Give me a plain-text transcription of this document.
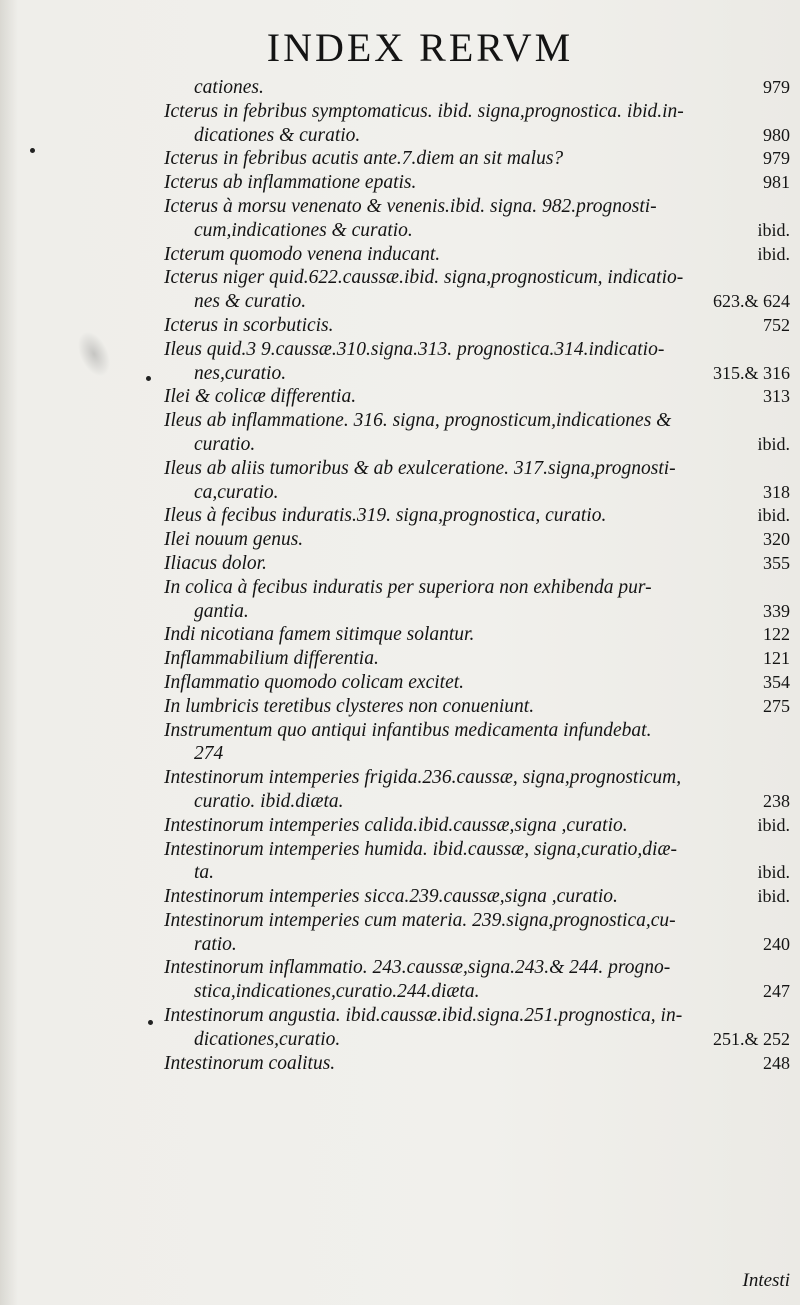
INDEX RERVM
cationes.	979
Icterus in febribus symptomaticus. ibid. signa,prognostica. ibid.in-
dicationes & curatio.	980
Icterus in febribus acutis ante.7.diem an sit malus?	979
Icterus ab inflammatione epatis.	981
Icterus à morsu venenato & venenis.ibid. signa. 982.prognosti-
cum,indicationes & curatio.	ibid.
Icterum quomodo venena inducant.	ibid.
Icterus niger quid.622.caussæ.ibid. signa,prognosticum, indicatio-
nes & curatio.	623.& 624
Icterus in scorbuticis.	752
Ileus quid.3 9.caussæ.310.signa.313. prognostica.314.indicatio-
nes,curatio.	315.& 316
Ilei & colicæ differentia.	313
Ileus ab inflammatione. 316. signa, prognosticum,indicationes &
curatio.	ibid.
Ileus ab aliis tumoribus & ab exulceratione. 317.signa,prognosti-
ca,curatio.	318
Ileus à fecibus induratis.319. signa,prognostica, curatio.	ibid.
Ilei nouum genus.	320
Iliacus dolor.	355
In colica à fecibus induratis per superiora non exhibenda pur-
gantia.	339
Indi nicotiana famem sitimque solantur.	122
Inflammabilium differentia.	121
Inflammatio quomodo colicam excitet.	354
In lumbricis teretibus clysteres non conueniunt.	275
Instrumentum quo antiqui infantibus medicamenta infundebat.
274
Intestinorum intemperies frigida.236.caussæ, signa,prognosticum,
curatio. ibid.diæta.	238
Intestinorum intemperies calida.ibid.caussæ,signa ,curatio.	ibid.
Intestinorum intemperies humida. ibid.caussæ, signa,curatio,diæ-
ta.	ibid.
Intestinorum intemperies sicca.239.caussæ,signa ,curatio.	ibid.
Intestinorum intemperies cum materia. 239.signa,prognostica,cu-
ratio.	240
Intestinorum inflammatio. 243.caussæ,signa.243.& 244. progno-
stica,indicationes,curatio.244.diæta.	247
Intestinorum angustia. ibid.caussæ.ibid.signa.251.prognostica, in-
dicationes,curatio.	251.& 252
Intestinorum coalitus.	248
Intesti
